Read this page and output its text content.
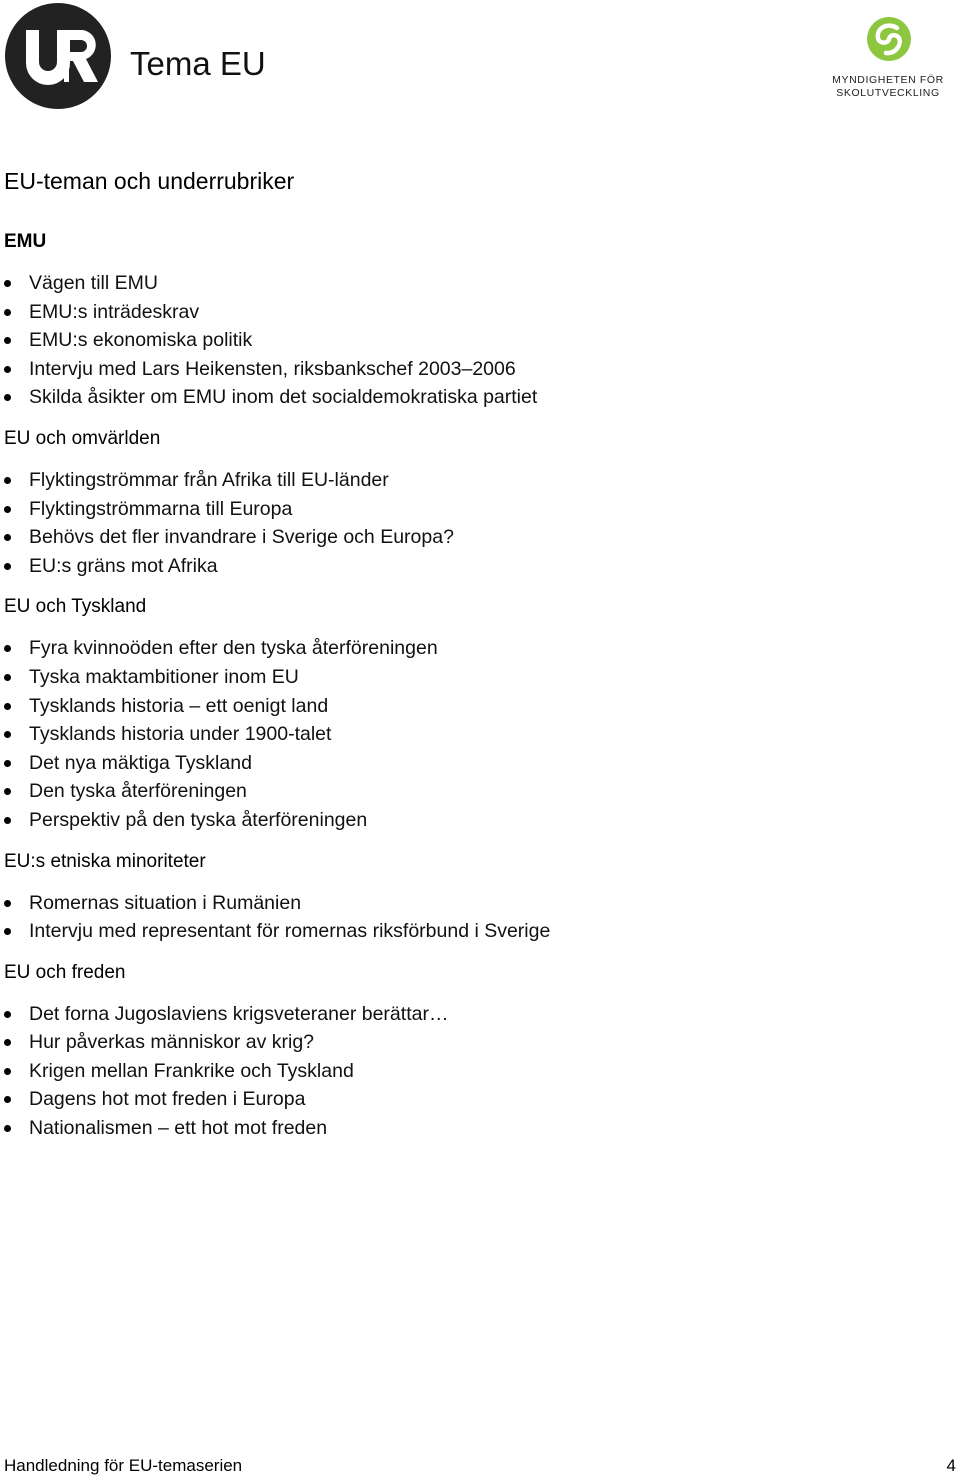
Tema EU	MYNDIGHETEN FÖR
SKOLUTVECKLING
EU-teman och underrubriker
EMU
Vägen till EMU
EMU:s inträdeskrav
EMU:s ekonomiska politik
Intervju med Lars Heikensten, riksbankschef 2003–2006
Skilda åsikter om EMU inom det socialdemokratiska partiet
EU och omvärlden
Flyktingströmmar från Afrika till EU-länder
Flyktingströmmarna till Europa
Behövs det fler invandrare i Sverige och Europa?
EU:s gräns mot Afrika
EU och Tyskland
Fyra kvinnoöden efter den tyska återföreningen
Tyska maktambitioner inom EU
Tysklands historia – ett oenigt land
Tysklands historia under 1900-talet
Det nya mäktiga Tyskland
Den tyska återföreningen
Perspektiv på den tyska återföreningen
EU:s etniska minoriteter
Romernas situation i Rumänien
Intervju med representant för romernas riksförbund i Sverige
EU och freden
Det forna Jugoslaviens krigsveteraner berättar…
Hur påverkas människor av krig?
Krigen mellan Frankrike och Tyskland
Dagens hot mot freden i Europa
Nationalismen – ett hot mot freden
Handledning för EU-temaserien	4
